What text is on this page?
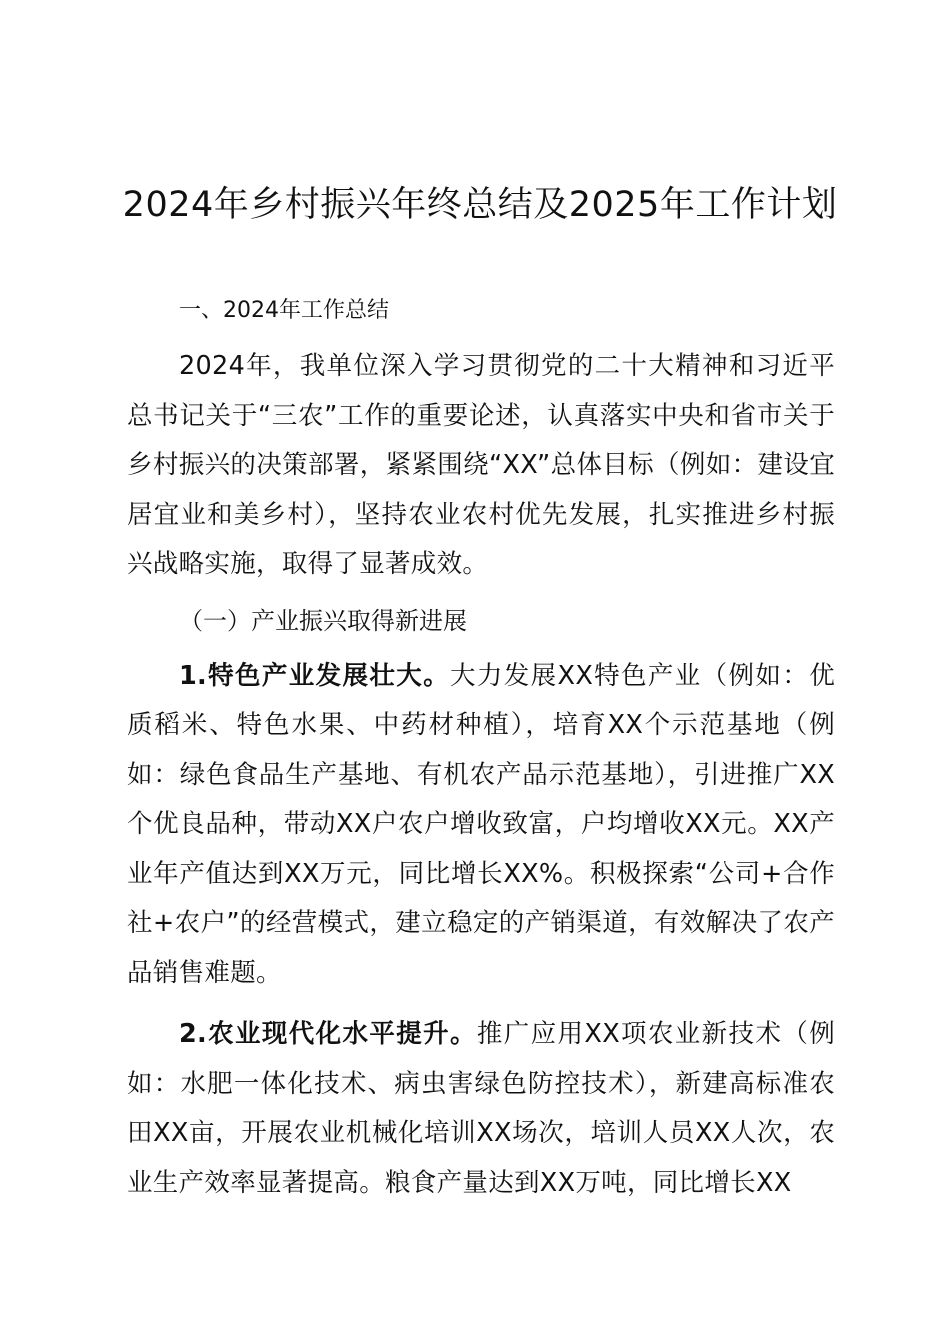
2024年乡村振兴年终总结及2025年工作计划

一、2024年工作总结

2024年，我单位深入学习贯彻党的二十大精神和习近平总书记关于“三农”工作的重要论述，认真落实中央和省市关于乡村振兴的决策部署，紧紧围绕“XX”总体目标（例如：建设宜居宜业和美乡村），坚持农业农村优先发展，扎实推进乡村振兴战略实施，取得了显著成效。

（一）产业振兴取得新进展

1.特色产业发展壮大。大力发展XX特色产业（例如：优质稻米、特色水果、中药材种植），培育XX个示范基地（例如：绿色食品生产基地、有机农产品示范基地），引进推广XX个优良品种，带动XX户农户增收致富，户均增收XX元。XX产业年产值达到XX万元，同比增长XX%。积极探索“公司+合作社+农户”的经营模式，建立稳定的产销渠道，有效解决了农产品销售难题。

2.农业现代化水平提升。推广应用XX项农业新技术（例如：水肥一体化技术、病虫害绿色防控技术），新建高标准农田XX亩，开展农业机械化培训XX场次，培训人员XX人次，农业生产效率显著提高。粮食产量达到XX万吨，同比增长XX
